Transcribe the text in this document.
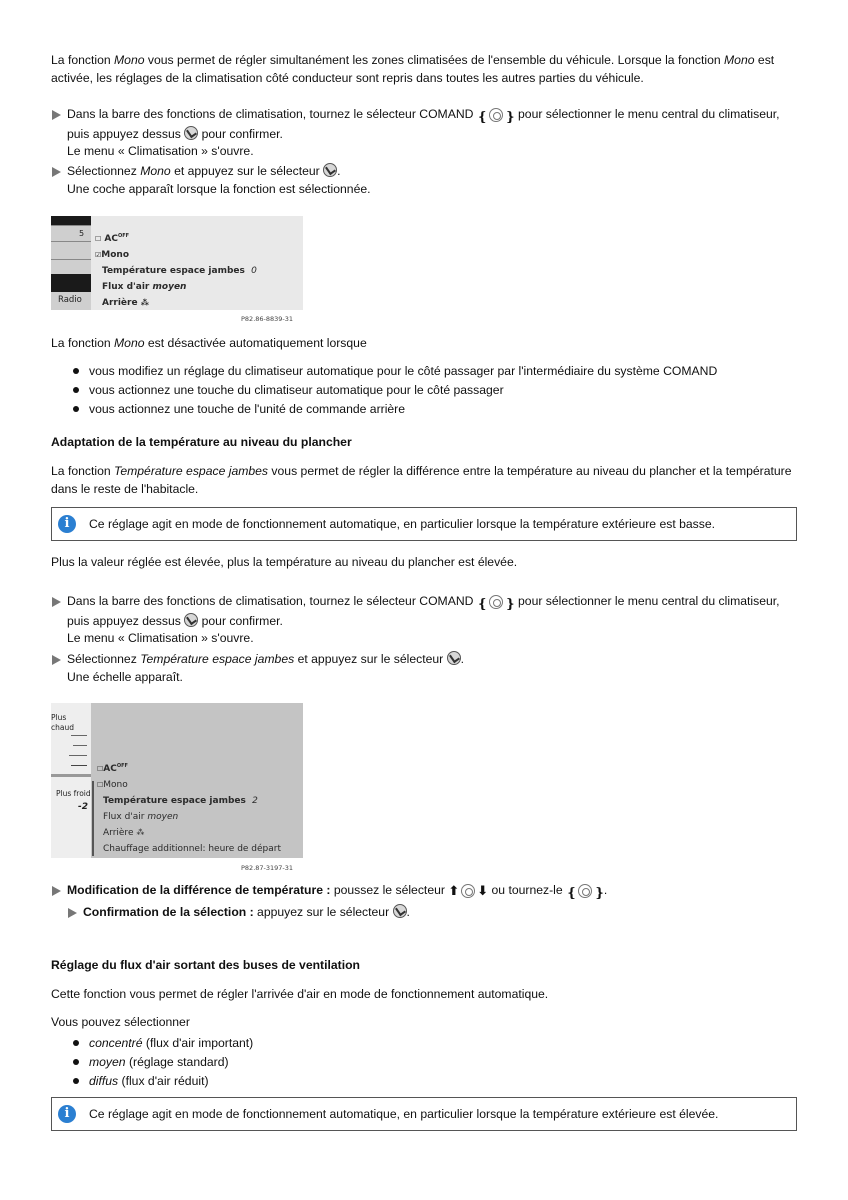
La fonction Mono vous permet de régler simultanément les zones climatisées de l'ensemble du véhicule. Lorsque la fonction Mono est activée, les réglages de la climatisation côté conducteur sont repris dans toutes les autres parties du véhicule.

Dans la barre des fonctions de climatisation, tournez le sélecteur COMAND ❴ ❵ pour sélectionner le menu central du climatiseur, puis appuyez dessus  pour confirmer.

Le menu « Climatisation » s'ouvre.

Sélectionnez Mono et appuyez sur le sélecteur .

Une coche apparaît lorsque la fonction est sélectionnée.

5
Radio
☐ $AC^{OFF}$
☑Mono
Température espace jambes 0
Flux d'air moyen
Arrière ⁂
P82.86-8839-31

La fonction Mono est désactivée automatiquement lorsque

vous modifiez un réglage du climatiseur automatique pour le côté passager par l'intermédiaire du système COMAND
vous actionnez une touche du climatiseur automatique pour le côté passager
vous actionnez une touche de l'unité de commande arrière

Adaptation de la température au niveau du plancher

La fonction Température espace jambes vous permet de régler la différence entre la température au niveau du plancher et la température dans le reste de l'habitacle.

i	Ce réglage agit en mode de fonctionnement automatique, en particulier lorsque la température extérieure est basse.

Plus la valeur réglée est élevée, plus la température au niveau du plancher est élevée.

Dans la barre des fonctions de climatisation, tournez le sélecteur COMAND ❴ ❵ pour sélectionner le menu central du climatiseur, puis appuyez dessus  pour confirmer.

Le menu « Climatisation » s'ouvre.

Sélectionnez Température espace jambes et appuyez sur le sélecteur .

Une échelle apparaît.

Plus chaud
Plus froid
-2
$☐AC^{OFF}$
☐Mono
Température espace jambes 2
Flux d'air moyen
Arrière ⁂
Chauffage additionnel: heure de départ
P82.87-3197-31

Modification de la différence de température : poussez le sélecteur ⬆ ⬇ ou tournez-le ❴ ❵.

Confirmation de la sélection : appuyez sur le sélecteur .

Réglage du flux d'air sortant des buses de ventilation

Cette fonction vous permet de régler l'arrivée d'air en mode de fonctionnement automatique.

Vous pouvez sélectionner

concentré (flux d'air important)
moyen (réglage standard)
diffus (flux d'air réduit)
i	Ce réglage agit en mode de fonctionnement automatique, en particulier lorsque la température extérieure est élevée.
